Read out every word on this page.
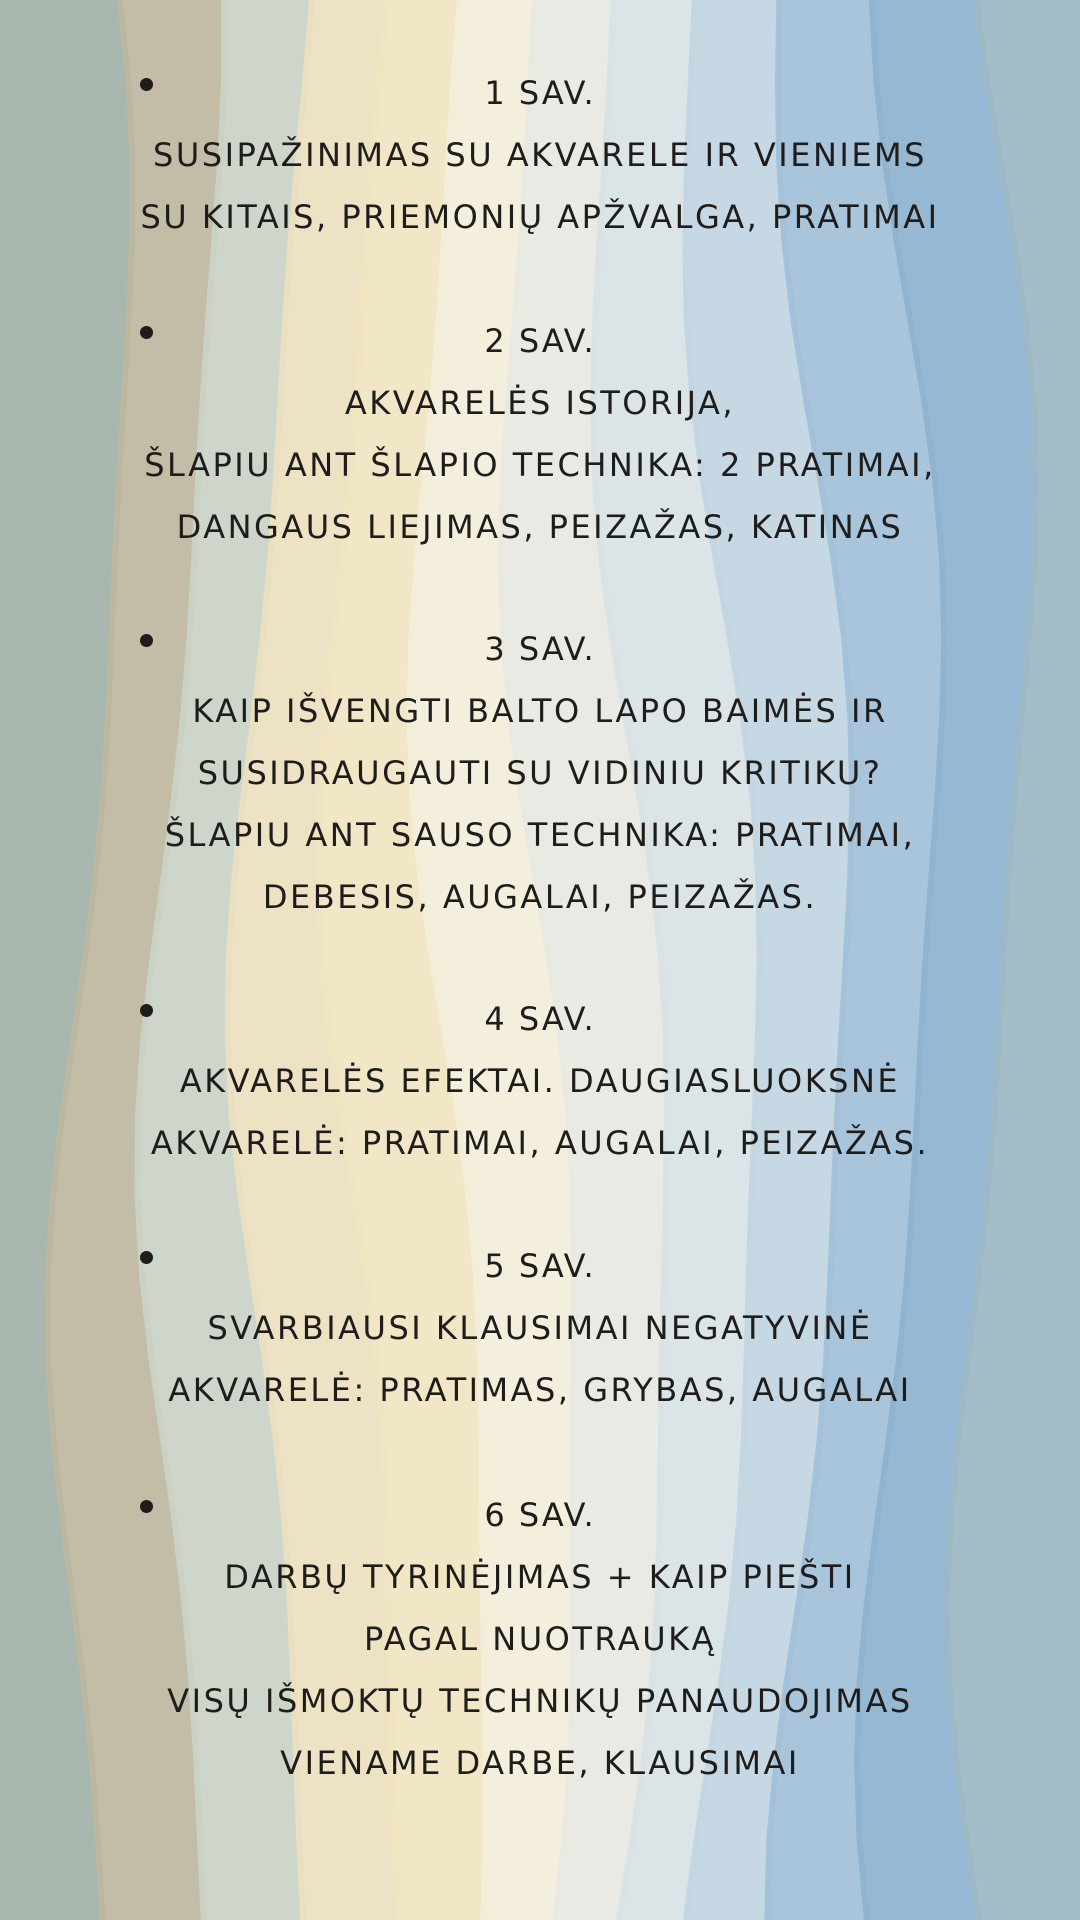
1 SAV.
SUSIPAŽINIMAS SU AKVARELE IR VIENIEMS
SU KITAIS, PRIEMONIŲ APŽVALGA, PRATIMAI
2 SAV.
AKVARELĖS ISTORIJA,
ŠLAPIU ANT ŠLAPIO TECHNIKA: 2 PRATIMAI,
DANGAUS LIEJIMAS, PEIZAŽAS, KATINAS
3 SAV.
KAIP IŠVENGTI BALTO LAPO BAIMĖS IR
SUSIDRAUGAUTI SU VIDINIU KRITIKU?
ŠLAPIU ANT SAUSO TECHNIKA: PRATIMAI,
DEBESIS, AUGALAI, PEIZAŽAS.
4 SAV.
AKVARELĖS EFEKTAI. DAUGIASLUOKSNĖ
AKVARELĖ: PRATIMAI, AUGALAI, PEIZAŽAS.
5 SAV.
SVARBIAUSI KLAUSIMAI NEGATYVINĖ
AKVARELĖ: PRATIMAS, GRYBAS, AUGALAI
6 SAV.
DARBŲ TYRINĖJIMAS + KAIP PIEŠTI
PAGAL NUOTRAUKĄ
VISŲ IŠMOKTŲ TECHNIKŲ PANAUDOJIMAS
VIENAME DARBE, KLAUSIMAI
